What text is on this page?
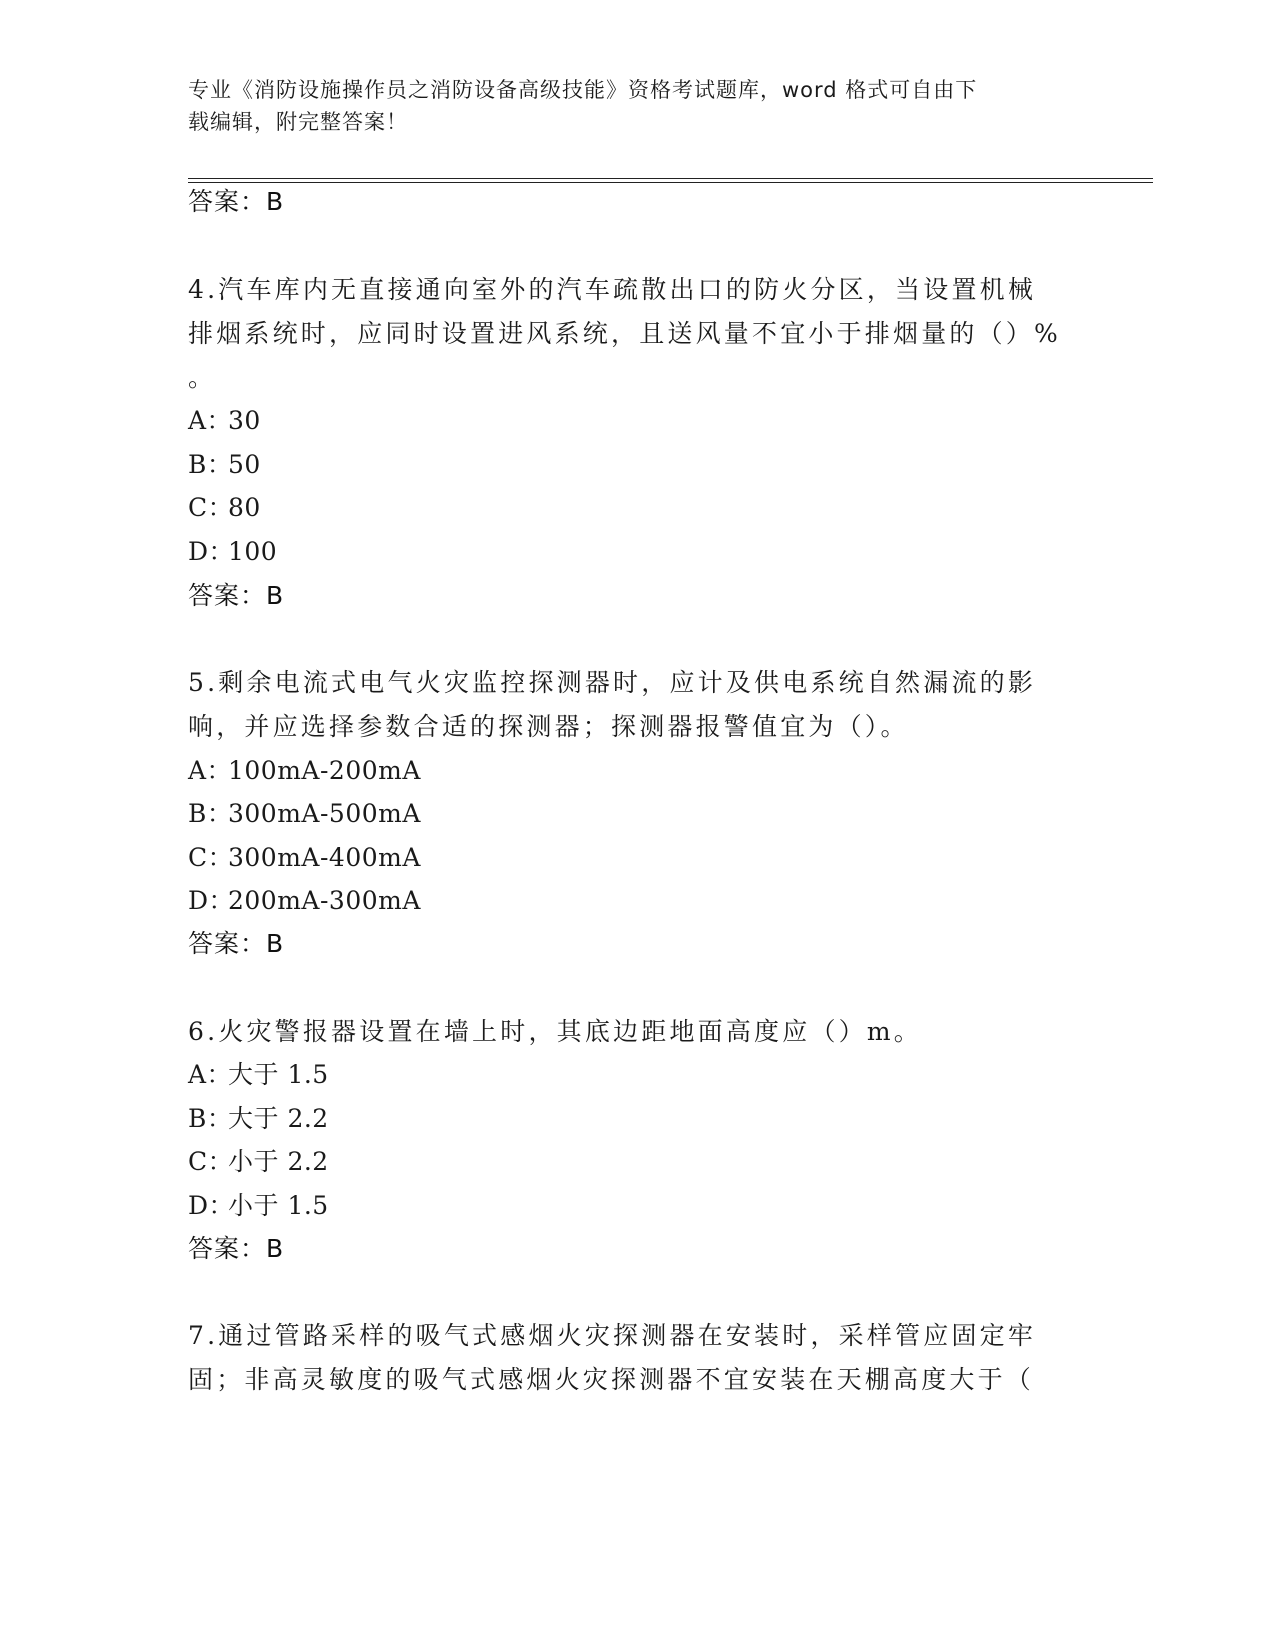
专业《消防设施操作员之消防设备高级技能》资格考试题库，word 格式可自由下
载编辑，附完整答案！
答案：B
4.汽车库内无直接通向室外的汽车疏散出口的防火分区，当设置机械
排烟系统时，应同时设置进风系统，且送风量不宜小于排烟量的（）%
。
A：30
B：50
C：80
D：100
答案：B
5.剩余电流式电气火灾监控探测器时，应计及供电系统自然漏流的影
响，并应选择参数合适的探测器；探测器报警值宜为（）。
A：100mA-200mA
B：300mA-500mA
C：300mA-400mA
D：200mA-300mA
答案：B
6.火灾警报器设置在墙上时，其底边距地面高度应（）m。
A：大于 1.5
B：大于 2.2
C：小于 2.2
D：小于 1.5
答案：B
7.通过管路采样的吸气式感烟火灾探测器在安装时，采样管应固定牢
固；非高灵敏度的吸气式感烟火灾探测器不宜安装在天棚高度大于（
